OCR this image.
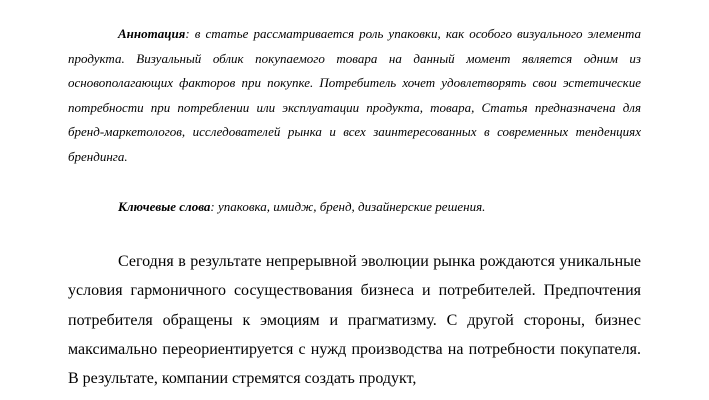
Аннотация: в статье рассматривается роль упаковки, как особого визуального элемента продукта. Визуальный облик покупаемого товара на данный момент является одним из основополагающих факторов при покупке. Потребитель хочет удовлетворять свои эстетические потребности при потреблении или эксплуатации продукта, товара, Статья предназначена для бренд-маркетологов, исследователей рынка и всех заинтересованных в современных тенденциях брендинга.

Ключевые слова: упаковка, имидж, бренд, дизайнерские решения.

Сегодня в результате непрерывной эволюции рынка рождаются уникальные условия гармоничного сосуществования бизнеса и потребителей. Предпочтения потребителя обращены к эмоциям и прагматизму. С другой стороны, бизнес максимально переориентируется с нужд производства на потребности покупателя. В результате, компании стремятся создать продукт,
